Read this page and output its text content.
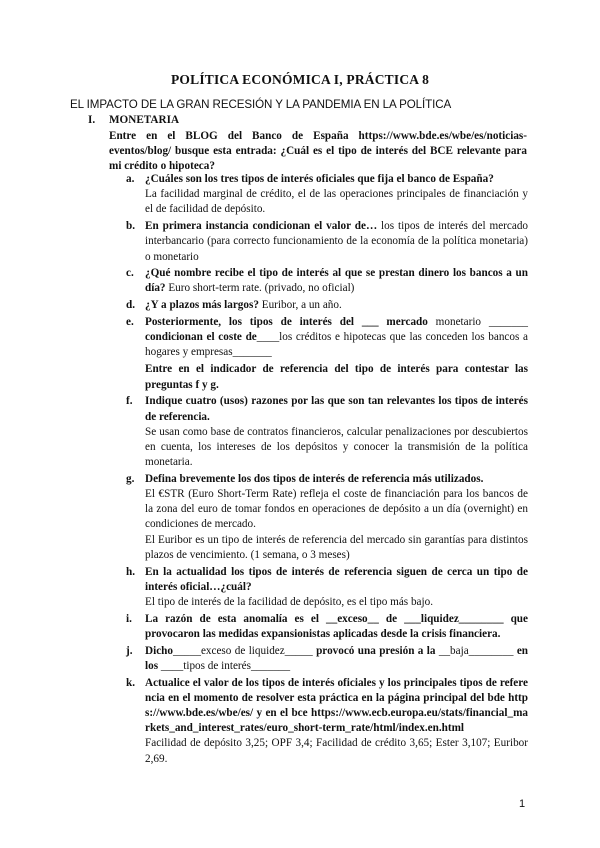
POLÍTICA ECONÓMICA I, PRÁCTICA 8
EL IMPACTO DE LA GRAN RECESIÓN Y LA PANDEMIA EN LA POLÍTICA
I. MONETARIA
Entre en el BLOG del Banco de España https://www.bde.es/wbe/es/noticias-eventos/blog/ busque esta entrada: ¿Cuál es el tipo de interés del BCE relevante para mi crédito o hipoteca?
a. ¿Cuáles son los tres tipos de interés oficiales que fija el banco de España?

La facilidad marginal de crédito, el de las operaciones principales de financiación y el de facilidad de depósito.

b. En primera instancia condicionan el valor de… los tipos de interés del mercado interbancario (para correcto funcionamiento de la economía de la política monetaria) o monetario

c. ¿Qué nombre recibe el tipo de interés al que se prestan dinero los bancos a un día? Euro short-term rate. (privado, no oficial)

d. ¿Y a plazos más largos? Euribor, a un año.

e. Posteriormente, los tipos de interés del ___ mercado monetario _______ condicionan el coste de____los créditos e hipotecas que las conceden los bancos a hogares y empresas_______

Entre en el indicador de referencia del tipo de interés para contestar las preguntas f y g.

f. Indique cuatro (usos) razones por las que son tan relevantes los tipos de interés de referencia.

Se usan como base de contratos financieros, calcular penalizaciones por descubiertos en cuenta, los intereses de los depósitos y conocer la transmisión de la política monetaria.

g. Defina brevemente los dos tipos de interés de referencia más utilizados.

El €STR (Euro Short-Term Rate) refleja el coste de financiación para los bancos de la zona del euro de tomar fondos en operaciones de depósito a un día (overnight) en condiciones de mercado.

El Euribor es un tipo de interés de referencia del mercado sin garantías para distintos plazos de vencimiento. (1 semana, o 3 meses)

h. En la actualidad los tipos de interés de referencia siguen de cerca un tipo de interés oficial…¿cuál?

El tipo de interés de la facilidad de depósito, es el tipo más bajo.

i. La razón de esta anomalía es el __exceso__ de ___liquidez________ que provocaron las medidas expansionistas aplicadas desde la crisis financiera.

j. Dicho_____exceso de liquidez_____ provocó una presión a la __baja________ en los ____tipos de interés_______

k. Actualice el valor de los tipos de interés oficiales y los principales tipos de referencia en el momento de resolver esta práctica en la página principal del bde https://www.bde.es/wbe/es/ y en el bce https://www.ecb.europa.eu/stats/financial_markets_and_interest_rates/euro_short-term_rate/html/index.en.html

Facilidad de depósito 3,25; OPF 3,4; Facilidad de crédito 3,65; Ester 3,107; Euribor 2,69.

1
